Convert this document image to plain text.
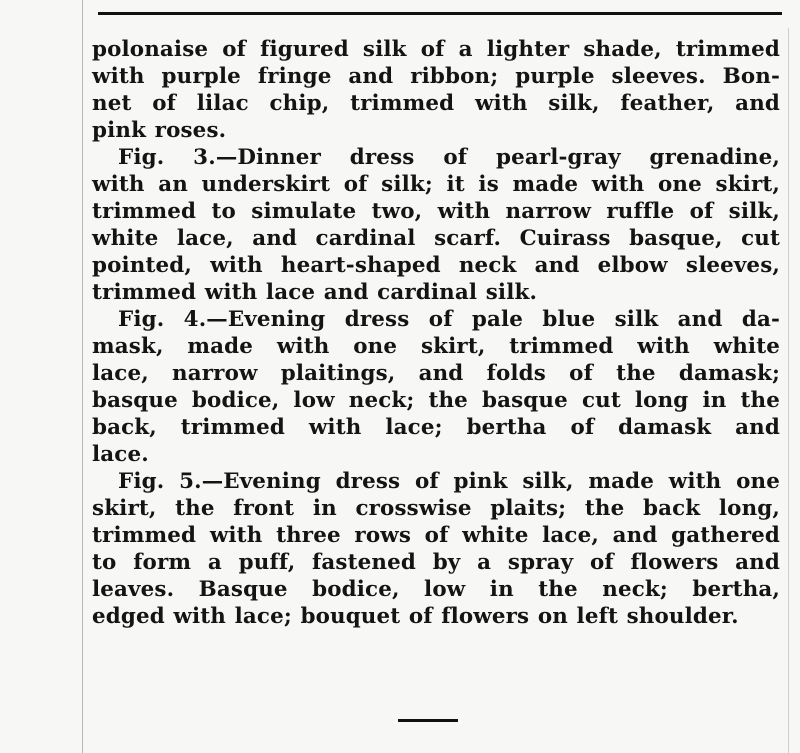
polonaise of figured silk of a lighter shade, trimmed
with purple fringe and ribbon; purple sleeves. Bon-
net of lilac chip, trimmed with silk, feather, and
pink roses.

Fig. 3.—Dinner dress of pearl-gray grenadine,

with an underskirt of silk; it is made with one skirt,
trimmed to simulate two, with narrow ruffle of silk,
white lace, and cardinal scarf. Cuirass basque, cut
pointed, with heart-shaped neck and elbow sleeves,
trimmed with lace and cardinal silk.

Fig. 4.—Evening dress of pale blue silk and da-

mask, made with one skirt, trimmed with white
lace, narrow plaitings, and folds of the damask;
basque bodice, low neck; the basque cut long in the
back, trimmed with lace; bertha of damask and
lace.

Fig. 5.—Evening dress of pink silk, made with one

skirt, the front in crosswise plaits; the back long,
trimmed with three rows of white lace, and gathered
to form a puff, fastened by a spray of flowers and
leaves. Basque bodice, low in the neck; bertha,
edged with lace; bouquet of flowers on left shoulder.
